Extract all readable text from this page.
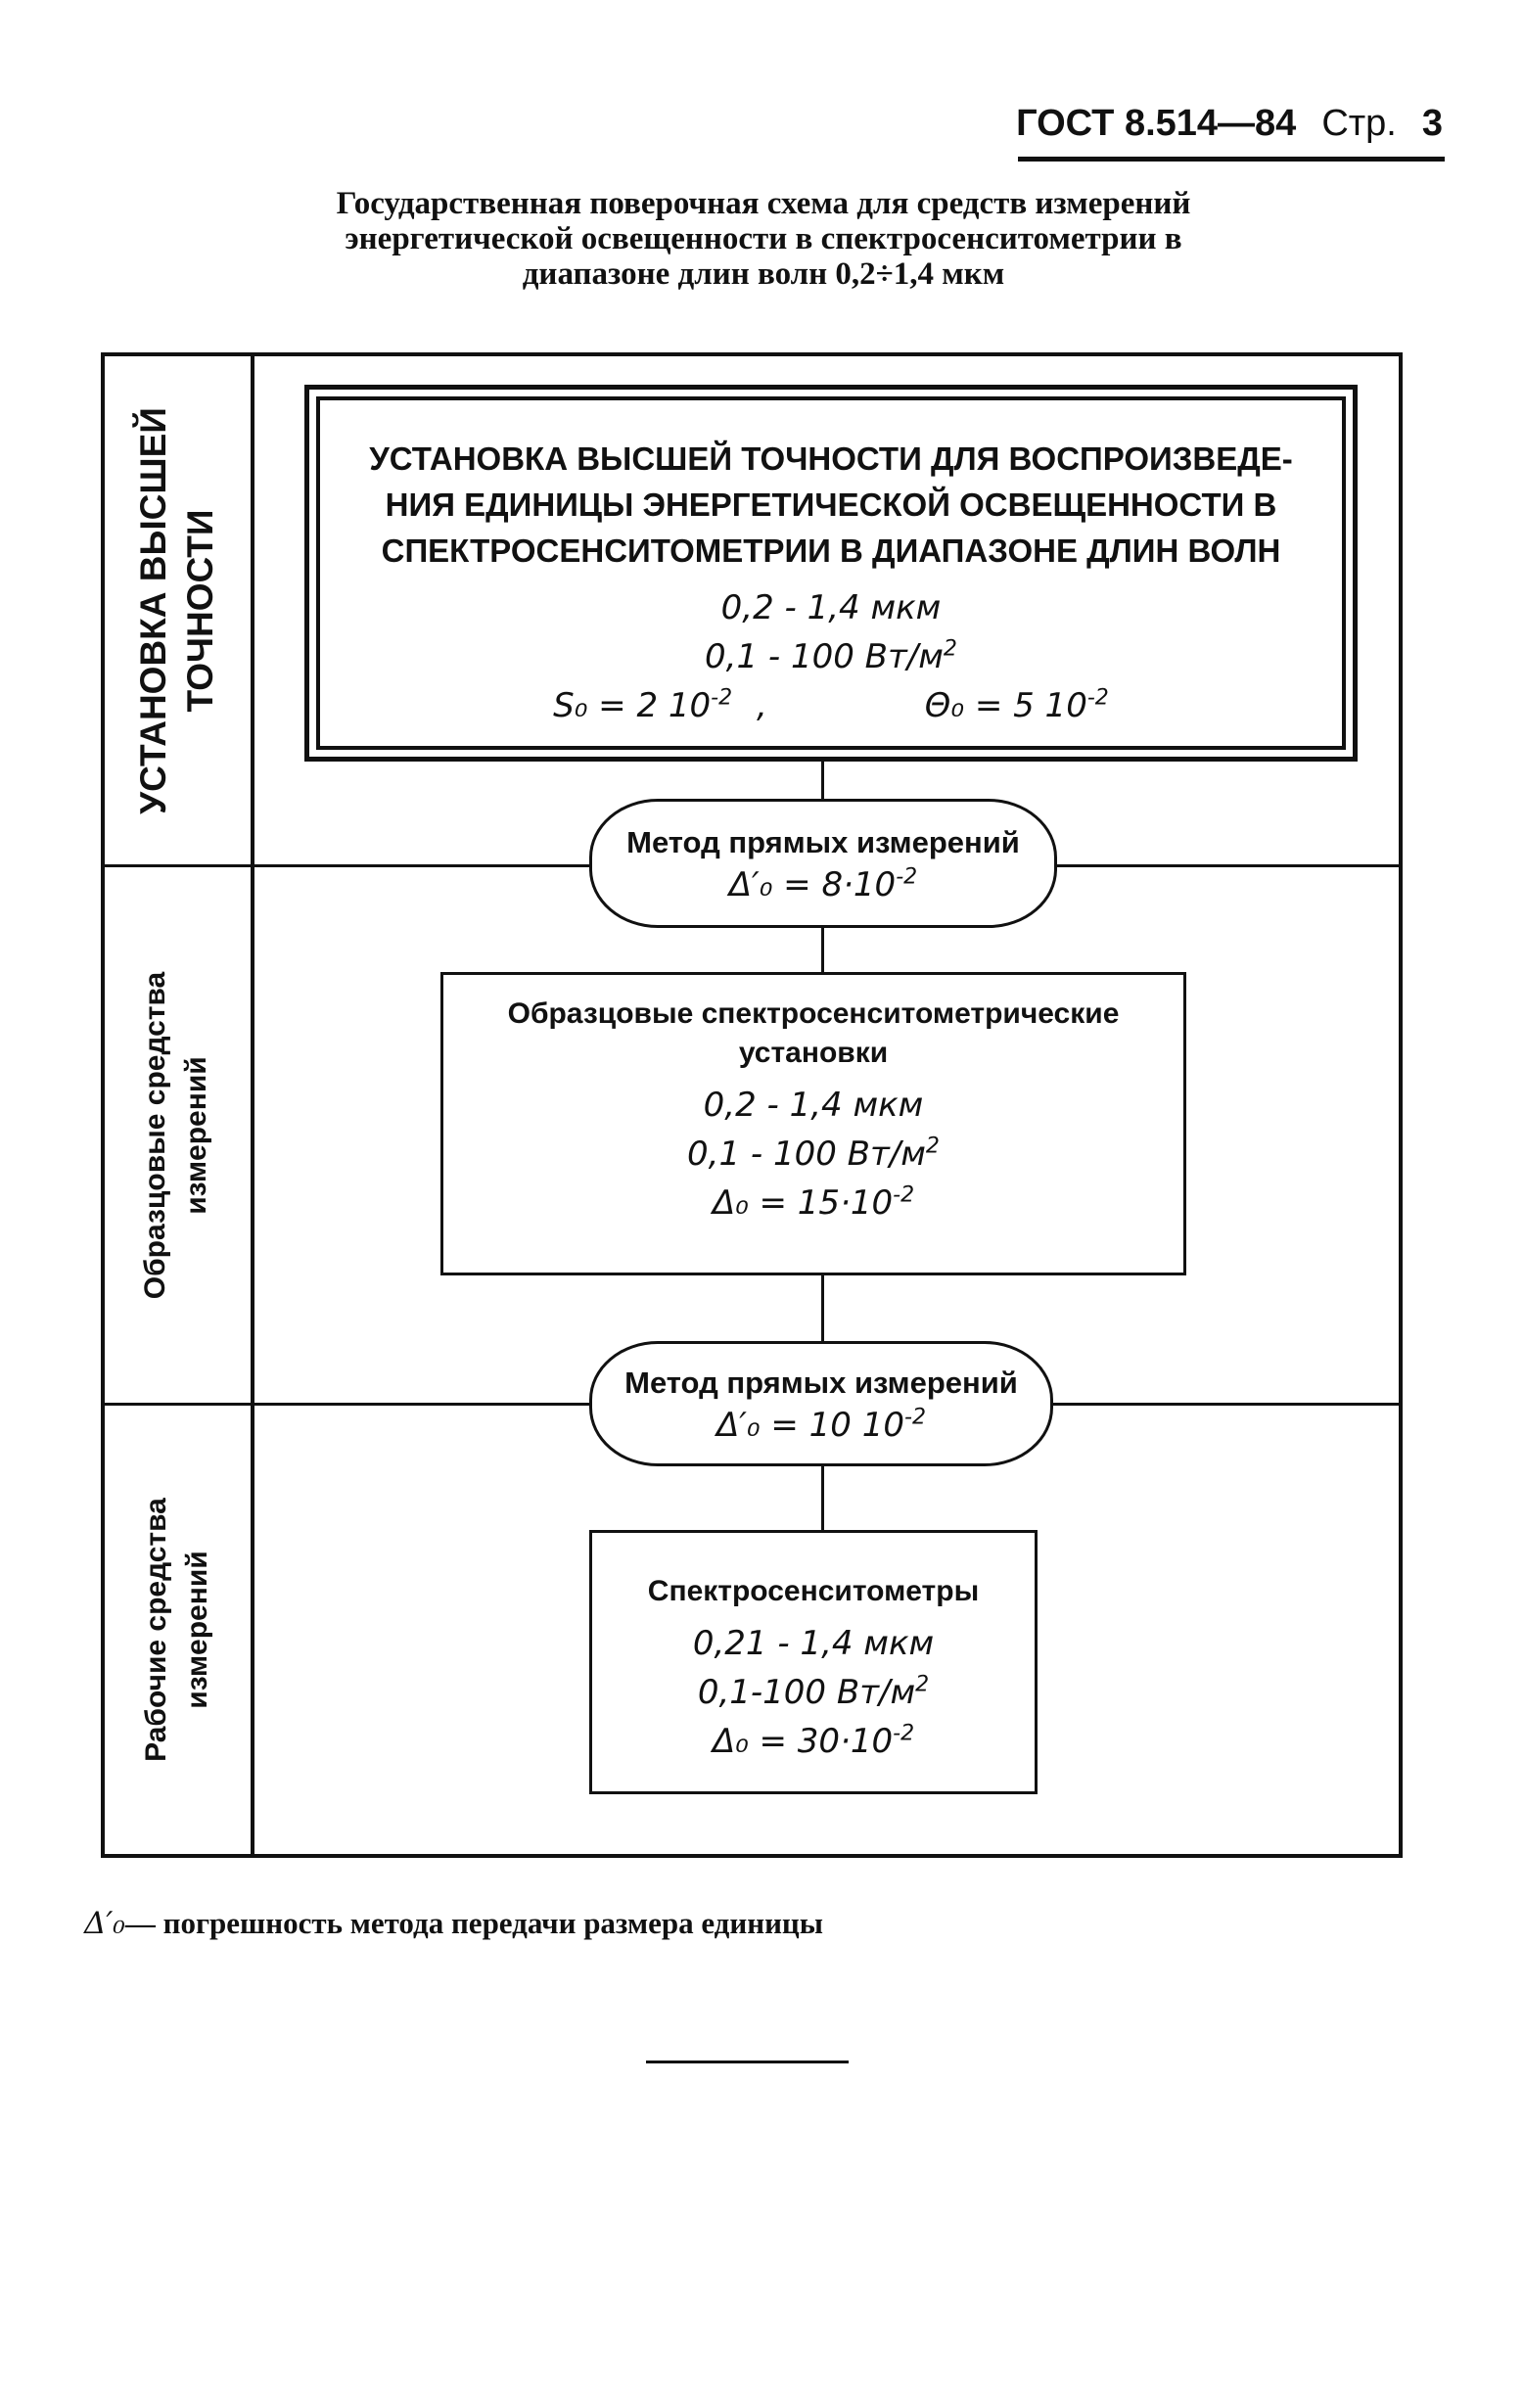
ГОСТ 8.514—84 Стр. 3
Государственная поверочная схема для средств измерений
энергетической освещенности в спектросенситометрии в
диапазоне длин волн 0,2÷1,4 мкм
УСТАНОВКА ВЫСШЕЙ ТОЧНОСТИ
Образцовые средства измерений
Рабочие средства измерений
УСТАНОВКА ВЫСШЕЙ ТОЧНОСТИ ДЛЯ ВОСПРОИЗВЕДЕ-
НИЯ ЕДИНИЦЫ ЭНЕРГЕТИЧЕСКОЙ ОСВЕЩЕННОСТИ В
СПЕКТРОСЕНСИТОМЕТРИИ В ДИАПАЗОНЕ ДЛИН ВОЛН
0,2 - 1,4 мкм
0,1 - 100 $Вт/м^2$
S₀ = 2 $10^{-2}$ ,	Θ₀ = 5 $10^{-2}$
Метод прямых измерений
$\Delta'_0 = 8\cdot 10^{-2}$
Образцовые спектросенситометрические
установки
0,2 - 1,4 мкм
0,1 - 100 $Вт/м^2$
$\Delta_0 = 15\cdot 10^{-2}$
Метод прямых измерений
Δ′₀ = 10 $10^{-2}$
Спектросенситометры
0,21 - 1,4 мкм
0,1-100 $Вт/м^2$
$\Delta_0 = 30\cdot 10^{-2}$
Δ′₀— погрешность метода передачи размера единицы
